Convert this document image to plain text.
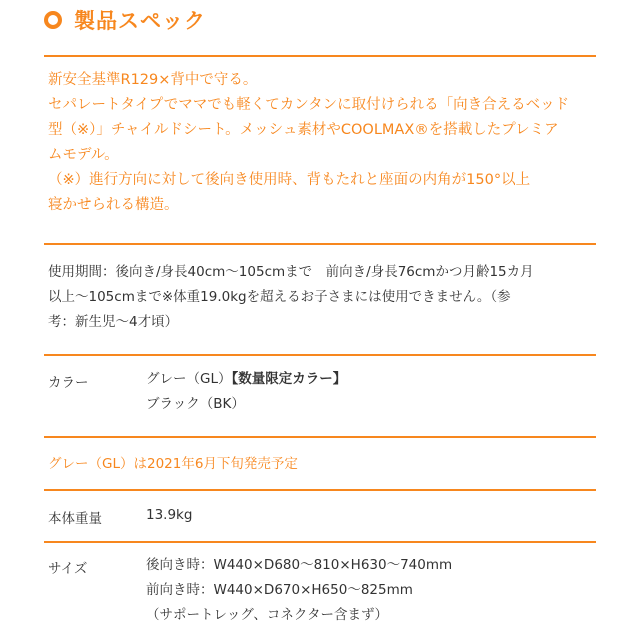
製品スペック

新安全基準R129×背中で守る。

セパレートタイプでママでも軽くてカンタンに取付けられる「向き合えるベッド

型（※）」チャイルドシート。メッシュ素材やCOOLMAX®を搭載したプレミア

ムモデル。

（※）進行方向に対して後向き使用時、背もたれと座面の内角が150°以上

寝かせられる構造。

使用期間：後向き/身長40cm〜105cmまで　前向き/身長76cmかつ月齢15カ月

以上〜105cmまで※体重19.0kgを超えるお子さまには使用できません。（参

考：新生児〜4才頃）

カラー	グレー（GL）【数量限定カラー】
ブラック（BK）
グレー（GL）は2021年6月下旬発売予定
本体重量	13.9kg
サイズ	後向き時：W440×D680〜810×H630〜740mm
前向き時：W440×D670×H650〜825mm
（サポートレッグ、コネクター含まず）
